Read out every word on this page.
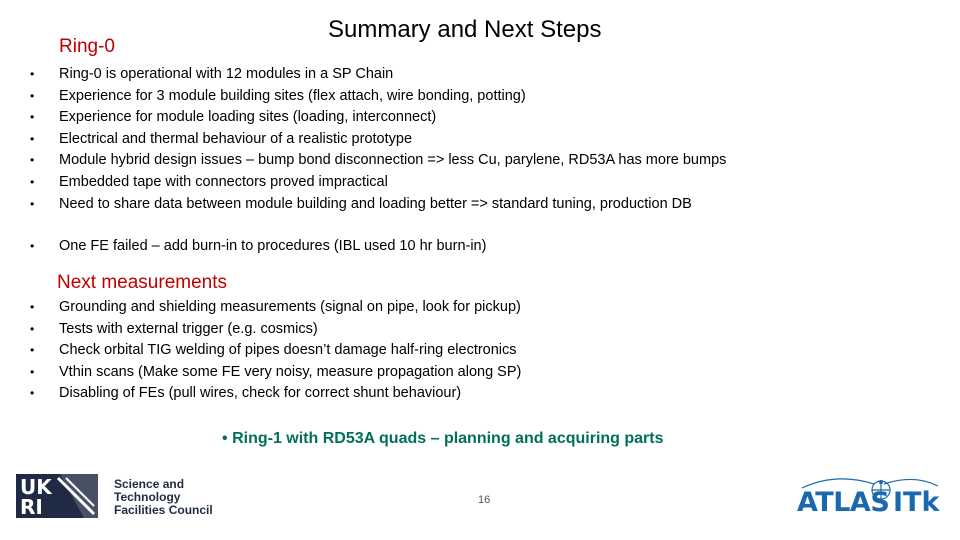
Summary and Next Steps
Ring-0
•	Ring-0 is operational with 12 modules in a SP Chain
•	Experience for 3 module building sites (flex attach, wire bonding, potting)
•	Experience for module loading sites (loading, interconnect)
•	Electrical and thermal behaviour of a realistic prototype
•	Module hybrid design issues – bump bond disconnection => less Cu, parylene, RD53A has more bumps
•	Embedded tape with connectors proved impractical
•	Need to share data between module building and loading better => standard tuning, production DB
•	One FE failed – add burn-in to procedures (IBL used 10 hr burn-in)
Next measurements
•	Grounding and shielding measurements (signal on pipe, look for pickup)
•	Tests with external trigger (e.g. cosmics)
•	Check orbital TIG welding of pipes doesn’t damage half-ring electronics
•	Vthin scans (Make some FE very noisy, measure propagation along SP)
•	Disabling of FEs (pull wires, check for correct shunt behaviour)
• Ring-1 with RD53A quads – planning and acquiring parts
16
UK
RI
Science and
Technology
Facilities Council	ATLAS ITk
